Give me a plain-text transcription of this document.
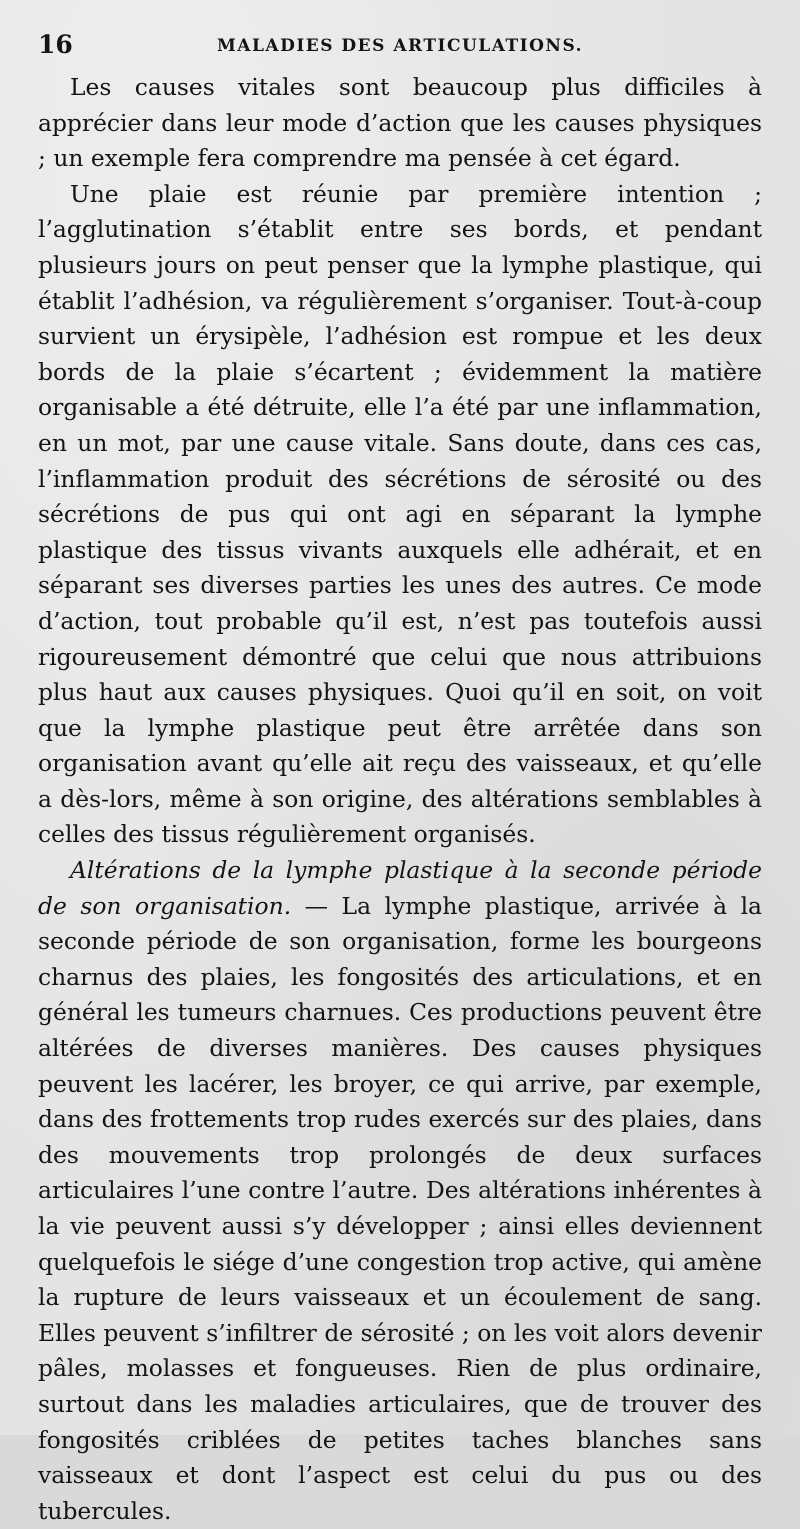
16	MALADIES DES ARTICULATIONS.

Les causes vitales sont beaucoup plus difficiles à apprécier dans leur mode d’action que les causes physiques ; un exemple fera comprendre ma pensée à cet égard.

Une plaie est réunie par première intention ; l’agglutination s’établit entre ses bords, et pendant plusieurs jours on peut penser que la lymphe plastique, qui établit l’adhésion, va régulièrement s’organiser. Tout-à-coup survient un érysipèle, l’adhésion est rompue et les deux bords de la plaie s’écartent ; évidemment la matière organisable a été détruite, elle l’a été par une inflammation, en un mot, par une cause vitale. Sans doute, dans ces cas, l’inflammation produit des sécrétions de sérosité ou des sécrétions de pus qui ont agi en séparant la lymphe plastique des tissus vivants auxquels elle adhérait, et en séparant ses diverses parties les unes des autres. Ce mode d’action, tout probable qu’il est, n’est pas toutefois aussi rigoureusement démontré que celui que nous attribuions plus haut aux causes physiques. Quoi qu’il en soit, on voit que la lymphe plastique peut être arrêtée dans son organisation avant qu’elle ait reçu des vaisseaux, et qu’elle a dès-lors, même à son origine, des altérations semblables à celles des tissus régulièrement organisés.

Altérations de la lymphe plastique à la seconde période de son organisation. — La lymphe plastique, arrivée à la seconde période de son organisation, forme les bourgeons charnus des plaies, les fongosités des articulations, et en général les tumeurs charnues. Ces productions peuvent être altérées de diverses manières. Des causes physiques peuvent les lacérer, les broyer, ce qui arrive, par exemple, dans des frottements trop rudes exercés sur des plaies, dans des mouvements trop prolongés de deux surfaces articulaires l’une contre l’autre. Des altérations inhérentes à la vie peuvent aussi s’y développer ; ainsi elles deviennent quelquefois le siége d’une congestion trop active, qui amène la rupture de leurs vaisseaux et un écoulement de sang. Elles peuvent s’infiltrer de sérosité ; on les voit alors devenir pâles, molasses et fongueuses. Rien de plus ordinaire, surtout dans les maladies articulaires, que de trouver des fongosités criblées de petites taches blanches sans vaisseaux et dont l’aspect est celui du pus ou des tubercules.
